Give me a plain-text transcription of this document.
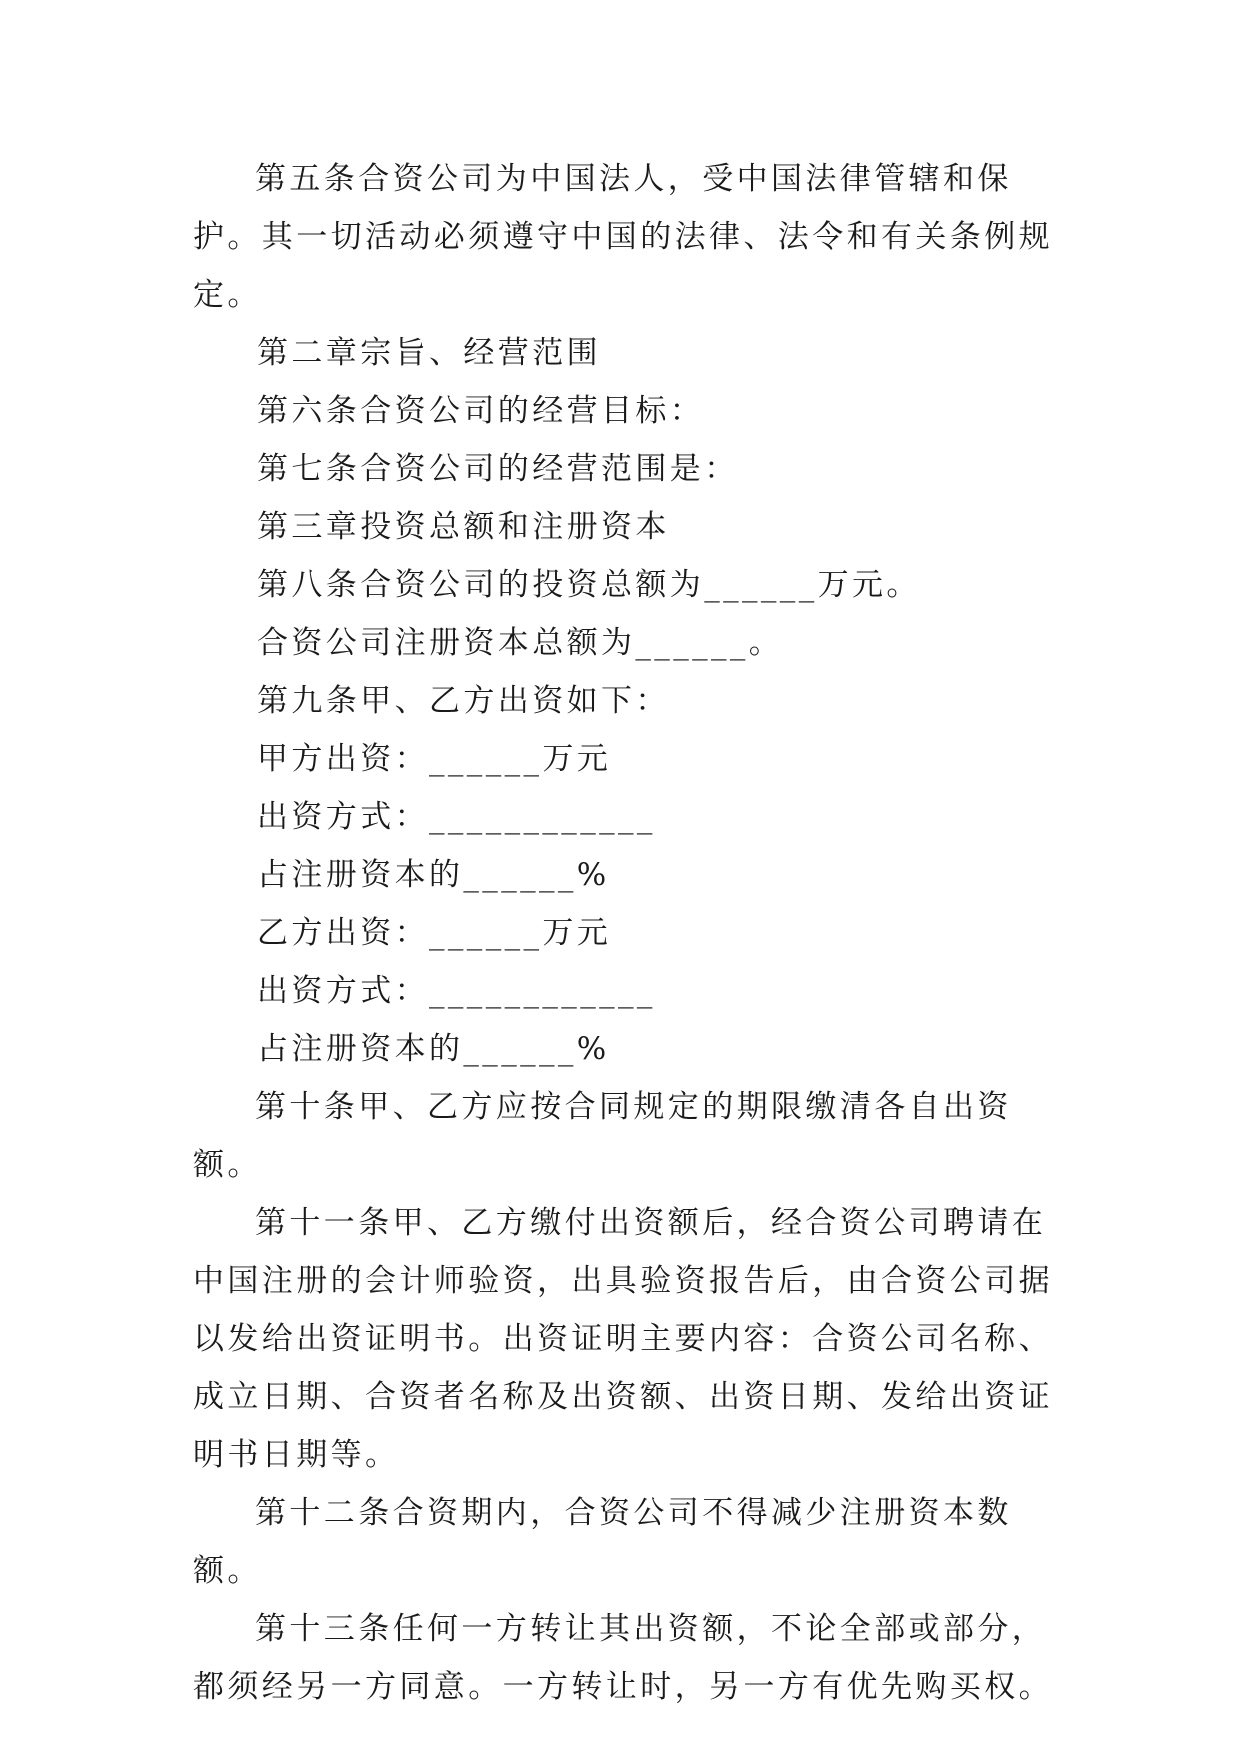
第五条合资公司为中国法人，受中国法律管辖和保护。其一切活动必须遵守中国的法律、法令和有关条例规定。

第二章宗旨、经营范围

第六条合资公司的经营目标：

第七条合资公司的经营范围是：

第三章投资总额和注册资本

第八条合资公司的投资总额为______万元。

合资公司注册资本总额为______。

第九条甲、乙方出资如下：

甲方出资：______万元

出资方式：____________

占注册资本的______%

乙方出资：______万元

出资方式：____________

占注册资本的______%

第十条甲、乙方应按合同规定的期限缴清各自出资额。

第十一条甲、乙方缴付出资额后，经合资公司聘请在中国注册的会计师验资，出具验资报告后，由合资公司据以发给出资证明书。出资证明主要内容：合资公司名称、成立日期、合资者名称及出资额、出资日期、发给出资证明书日期等。

第十二条合资期内，合资公司不得减少注册资本数额。

第十三条任何一方转让其出资额，不论全部或部分，都须经另一方同意。一方转让时，另一方有优先购买权。
